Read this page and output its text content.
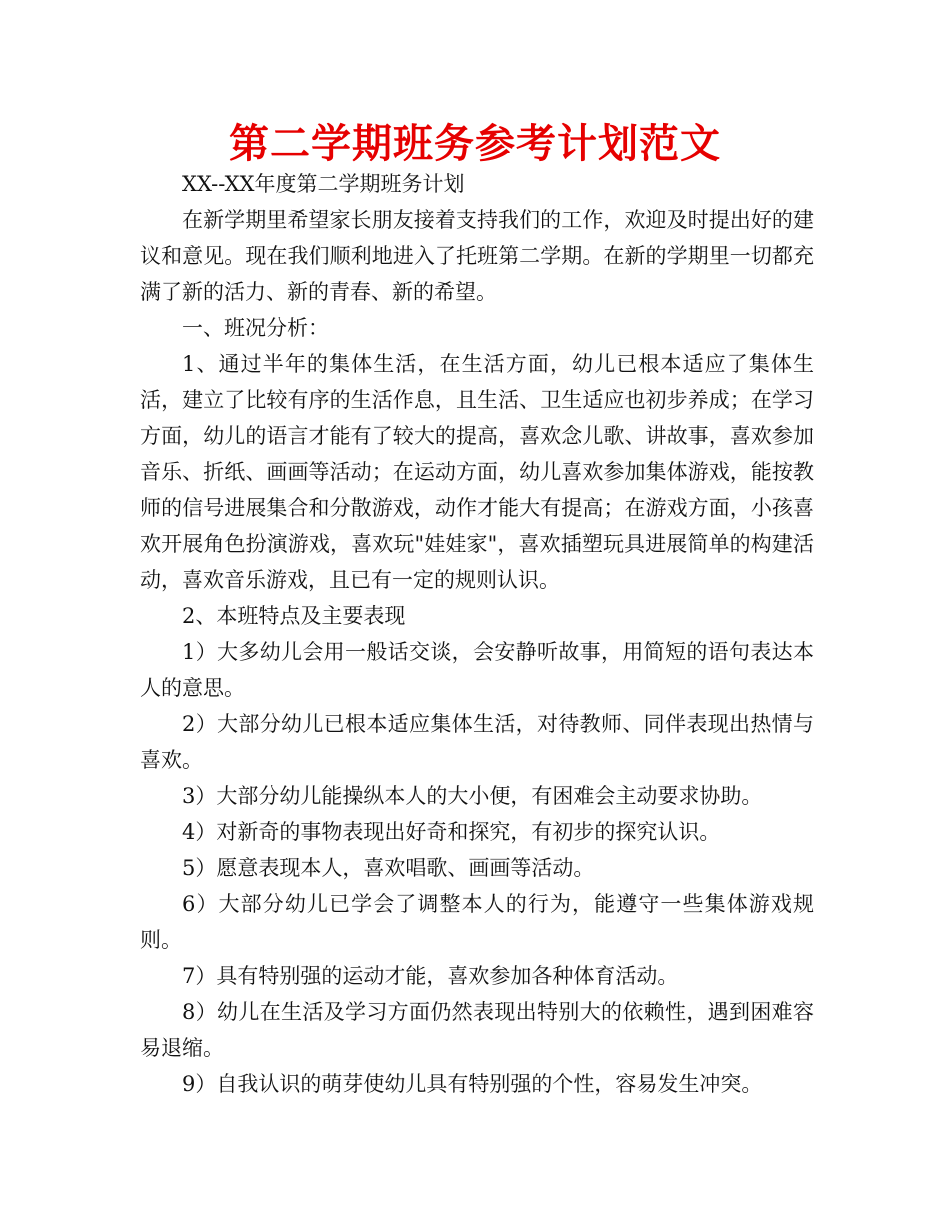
第二学期班务参考计划范文

XX--XX年度第二学期班务计划

在新学期里希望家长朋友接着支持我们的工作，欢迎及时提出好的建议和意见。现在我们顺利地进入了托班第二学期。在新的学期里一切都充满了新的活力、新的青春、新的希望。

一、班况分析：

1、通过半年的集体生活，在生活方面，幼儿已根本适应了集体生活，建立了比较有序的生活作息，且生活、卫生适应也初步养成；在学习方面，幼儿的语言才能有了较大的提高，喜欢念儿歌、讲故事，喜欢参加音乐、折纸、画画等活动；在运动方面，幼儿喜欢参加集体游戏，能按教师的信号进展集合和分散游戏，动作才能大有提高；在游戏方面，小孩喜欢开展角色扮演游戏，喜欢玩"娃娃家"，喜欢插塑玩具进展简单的构建活动，喜欢音乐游戏，且已有一定的规则认识。

2、本班特点及主要表现

1）大多幼儿会用一般话交谈，会安静听故事，用简短的语句表达本人的意思。

2）大部分幼儿已根本适应集体生活，对待教师、同伴表现出热情与喜欢。

3）大部分幼儿能操纵本人的大小便，有困难会主动要求协助。

4）对新奇的事物表现出好奇和探究，有初步的探究认识。

5）愿意表现本人，喜欢唱歌、画画等活动。

6）大部分幼儿已学会了调整本人的行为，能遵守一些集体游戏规则。

7）具有特别强的运动才能，喜欢参加各种体育活动。

8）幼儿在生活及学习方面仍然表现出特别大的依赖性，遇到困难容易退缩。

9）自我认识的萌芽使幼儿具有特别强的个性，容易发生冲突。
